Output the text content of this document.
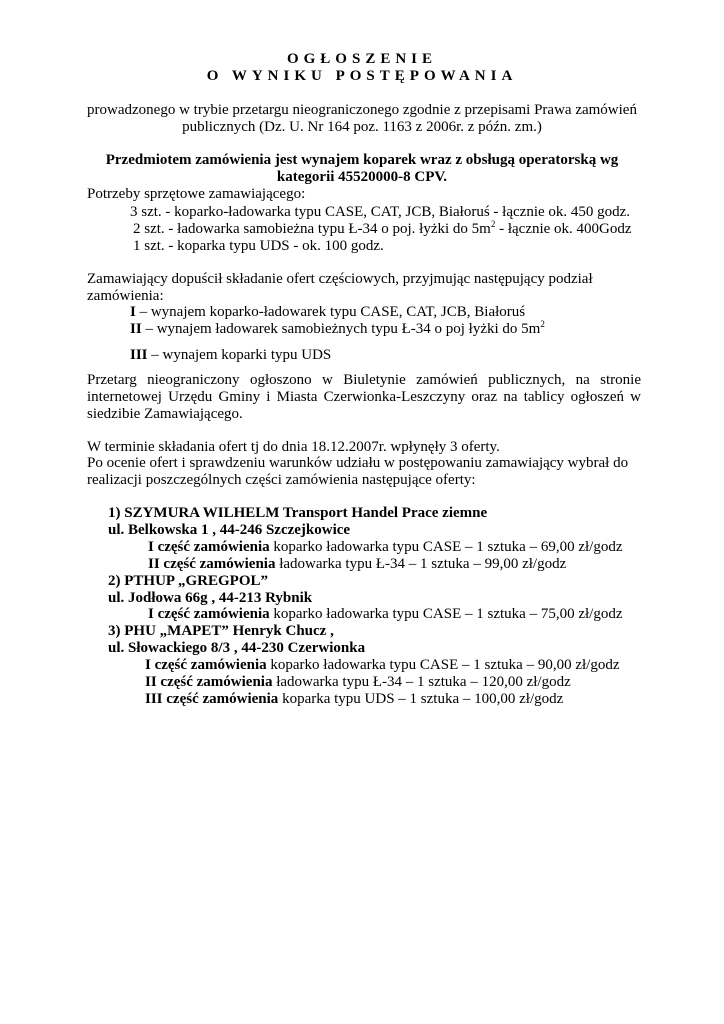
OGŁOSZENIE
O WYNIKU POSTĘPOWANIA
prowadzonego w trybie przetargu nieograniczonego zgodnie z przepisami Prawa zamówień
publicznych (Dz. U. Nr 164 poz. 1163 z 2006r. z późn. zm.)
Przedmiotem zamówienia jest wynajem koparek wraz z obsługą operatorską wg
kategorii 45520000-8 CPV.
Potrzeby sprzętowe zamawiającego:
3 szt. - koparko-ładowarka typu CASE, CAT, JCB, Białoruś - łącznie ok. 450 godz.
2 szt. - ładowarka samobieżna typu Ł-34 o poj. łyżki do $5m^2$ - łącznie ok. 400Godz
1 szt. - koparka typu UDS - ok. 100 godz.
Zamawiający dopuścił składanie ofert częściowych, przyjmując następujący podział
zamówienia:
I – wynajem koparko-ładowarek typu CASE, CAT, JCB, Białoruś
II – wynajem ładowarek samobieżnych typu Ł-34 o poj łyżki do $5m^2$
III – wynajem koparki typu UDS
Przetarg nieograniczony ogłoszono w Biuletynie zamówień publicznych, na stronie internetowej Urzędu Gminy i Miasta Czerwionka-Leszczyny oraz na tablicy ogłoszeń w siedzibie Zamawiającego.
W terminie składania ofert tj do dnia 18.12.2007r. wpłynęły 3 oferty.
Po ocenie ofert i sprawdzeniu warunków udziału w postępowaniu zamawiający wybrał do
realizacji poszczególnych części zamówienia następujące oferty:
1) SZYMURA WILHELM Transport Handel Prace ziemne
ul. Belkowska 1 , 44-246 Szczejkowice
I część zamówienia koparko ładowarka typu CASE – 1 sztuka – 69,00 zł/godz
II część zamówienia ładowarka typu Ł-34 – 1 sztuka – 99,00 zł/godz
2) PTHUP „GREGPOL”
ul. Jodłowa 66g , 44-213 Rybnik
I część zamówienia koparko ładowarka typu CASE – 1 sztuka – 75,00 zł/godz
3) PHU „MAPET” Henryk Chucz ,
ul. Słowackiego 8/3 , 44-230 Czerwionka
I część zamówienia koparko ładowarka typu CASE – 1 sztuka – 90,00 zł/godz
II część zamówienia ładowarka typu Ł-34 – 1 sztuka – 120,00 zł/godz
III część zamówienia koparka typu UDS – 1 sztuka – 100,00 zł/godz
